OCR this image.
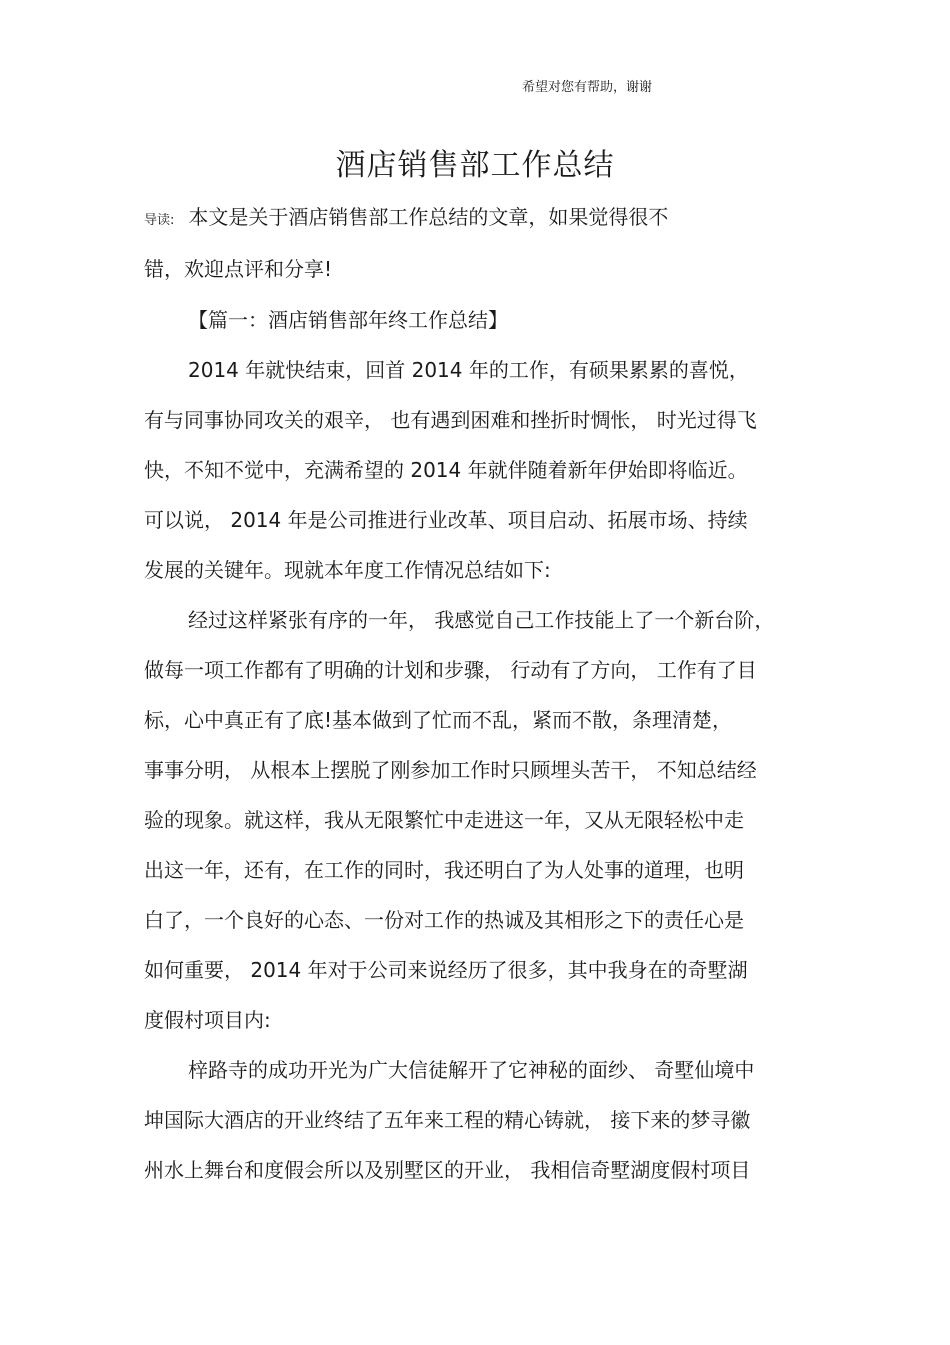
希望对您有帮助，谢谢
酒店销售部工作总结
导读: 本文是关于酒店销售部工作总结的文章，如果觉得很不
错，欢迎点评和分享!
【篇一：酒店销售部年终工作总结】
2014 年就快结束，回首 2014 年的工作，有硕果累累的喜悦，
有与同事协同攻关的艰辛， 也有遇到困难和挫折时惆怅， 时光过得飞
快，不知不觉中，充满希望的 2014 年就伴随着新年伊始即将临近。
可以说， 2014 年是公司推进行业改革、项目启动、拓展市场、持续
发展的关键年。现就本年度工作情况总结如下:
经过这样紧张有序的一年， 我感觉自己工作技能上了一个新台阶，
做每一项工作都有了明确的计划和步骤， 行动有了方向， 工作有了目
标，心中真正有了底!基本做到了忙而不乱，紧而不散，条理清楚，
事事分明， 从根本上摆脱了刚参加工作时只顾埋头苦干， 不知总结经
验的现象。就这样，我从无限繁忙中走进这一年，又从无限轻松中走
出这一年，还有，在工作的同时，我还明白了为人处事的道理，也明
白了，一个良好的心态、一份对工作的热诚及其相形之下的责任心是
如何重要， 2014 年对于公司来说经历了很多，其中我身在的奇墅湖
度假村项目内:
梓路寺的成功开光为广大信徒解开了它神秘的面纱、 奇墅仙境中
坤国际大酒店的开业终结了五年来工程的精心铸就， 接下来的梦寻徽
州水上舞台和度假会所以及别墅区的开业， 我相信奇墅湖度假村项目
